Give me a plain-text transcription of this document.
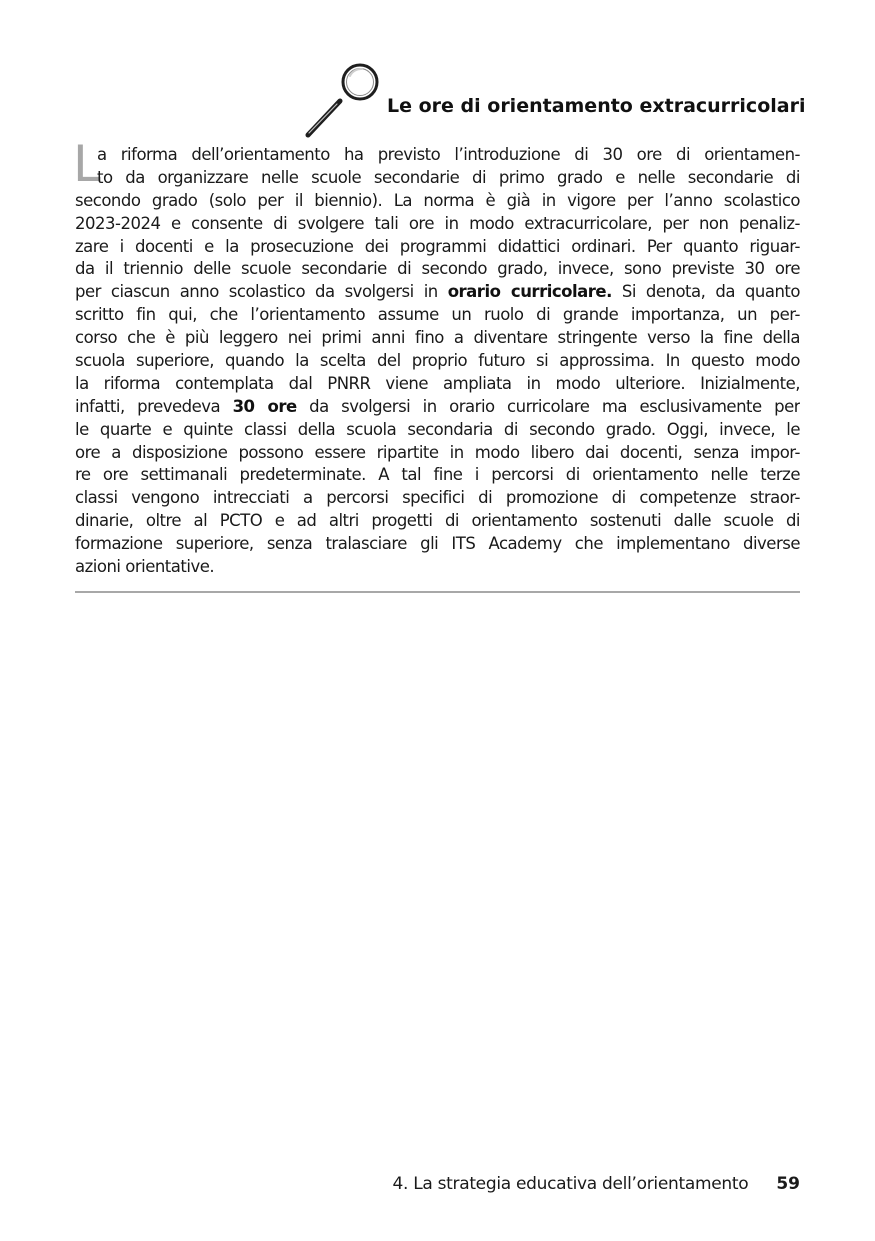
Le ore di orientamento extracurricolari
L
a riforma dell’orientamento ha previsto l’introduzione di 30 ore di orientamen-
to da organizzare nelle scuole secondarie di primo grado e nelle secondarie di
secondo grado (solo per il biennio). La norma è già in vigore per l’anno scolastico
2023-2024 e consente di svolgere tali ore in modo extracurricolare, per non penaliz-
zare i docenti e la prosecuzione dei programmi didattici ordinari. Per quanto riguar-
da il triennio delle scuole secondarie di secondo grado, invece, sono previste 30 ore
per ciascun anno scolastico da svolgersi in orario curricolare. Si denota, da quanto
scritto fin qui, che l’orientamento assume un ruolo di grande importanza, un per-
corso che è più leggero nei primi anni fino a diventare stringente verso la fine della
scuola superiore, quando la scelta del proprio futuro si approssima. In questo modo
la riforma contemplata dal PNRR viene ampliata in modo ulteriore. Inizialmente,
infatti, prevedeva 30 ore da svolgersi in orario curricolare ma esclusivamente per
le quarte e quinte classi della scuola secondaria di secondo grado. Oggi, invece, le
ore a disposizione possono essere ripartite in modo libero dai docenti, senza impor-
re ore settimanali predeterminate. A tal fine i percorsi di orientamento nelle terze
classi vengono intrecciati a percorsi specifici di promozione di competenze straor-
dinarie, oltre al PCTO e ad altri progetti di orientamento sostenuti dalle scuole di
formazione superiore, senza tralasciare gli ITS Academy che implementano diverse
azioni orientative.
4. La strategia educativa dell’orientamento 59
